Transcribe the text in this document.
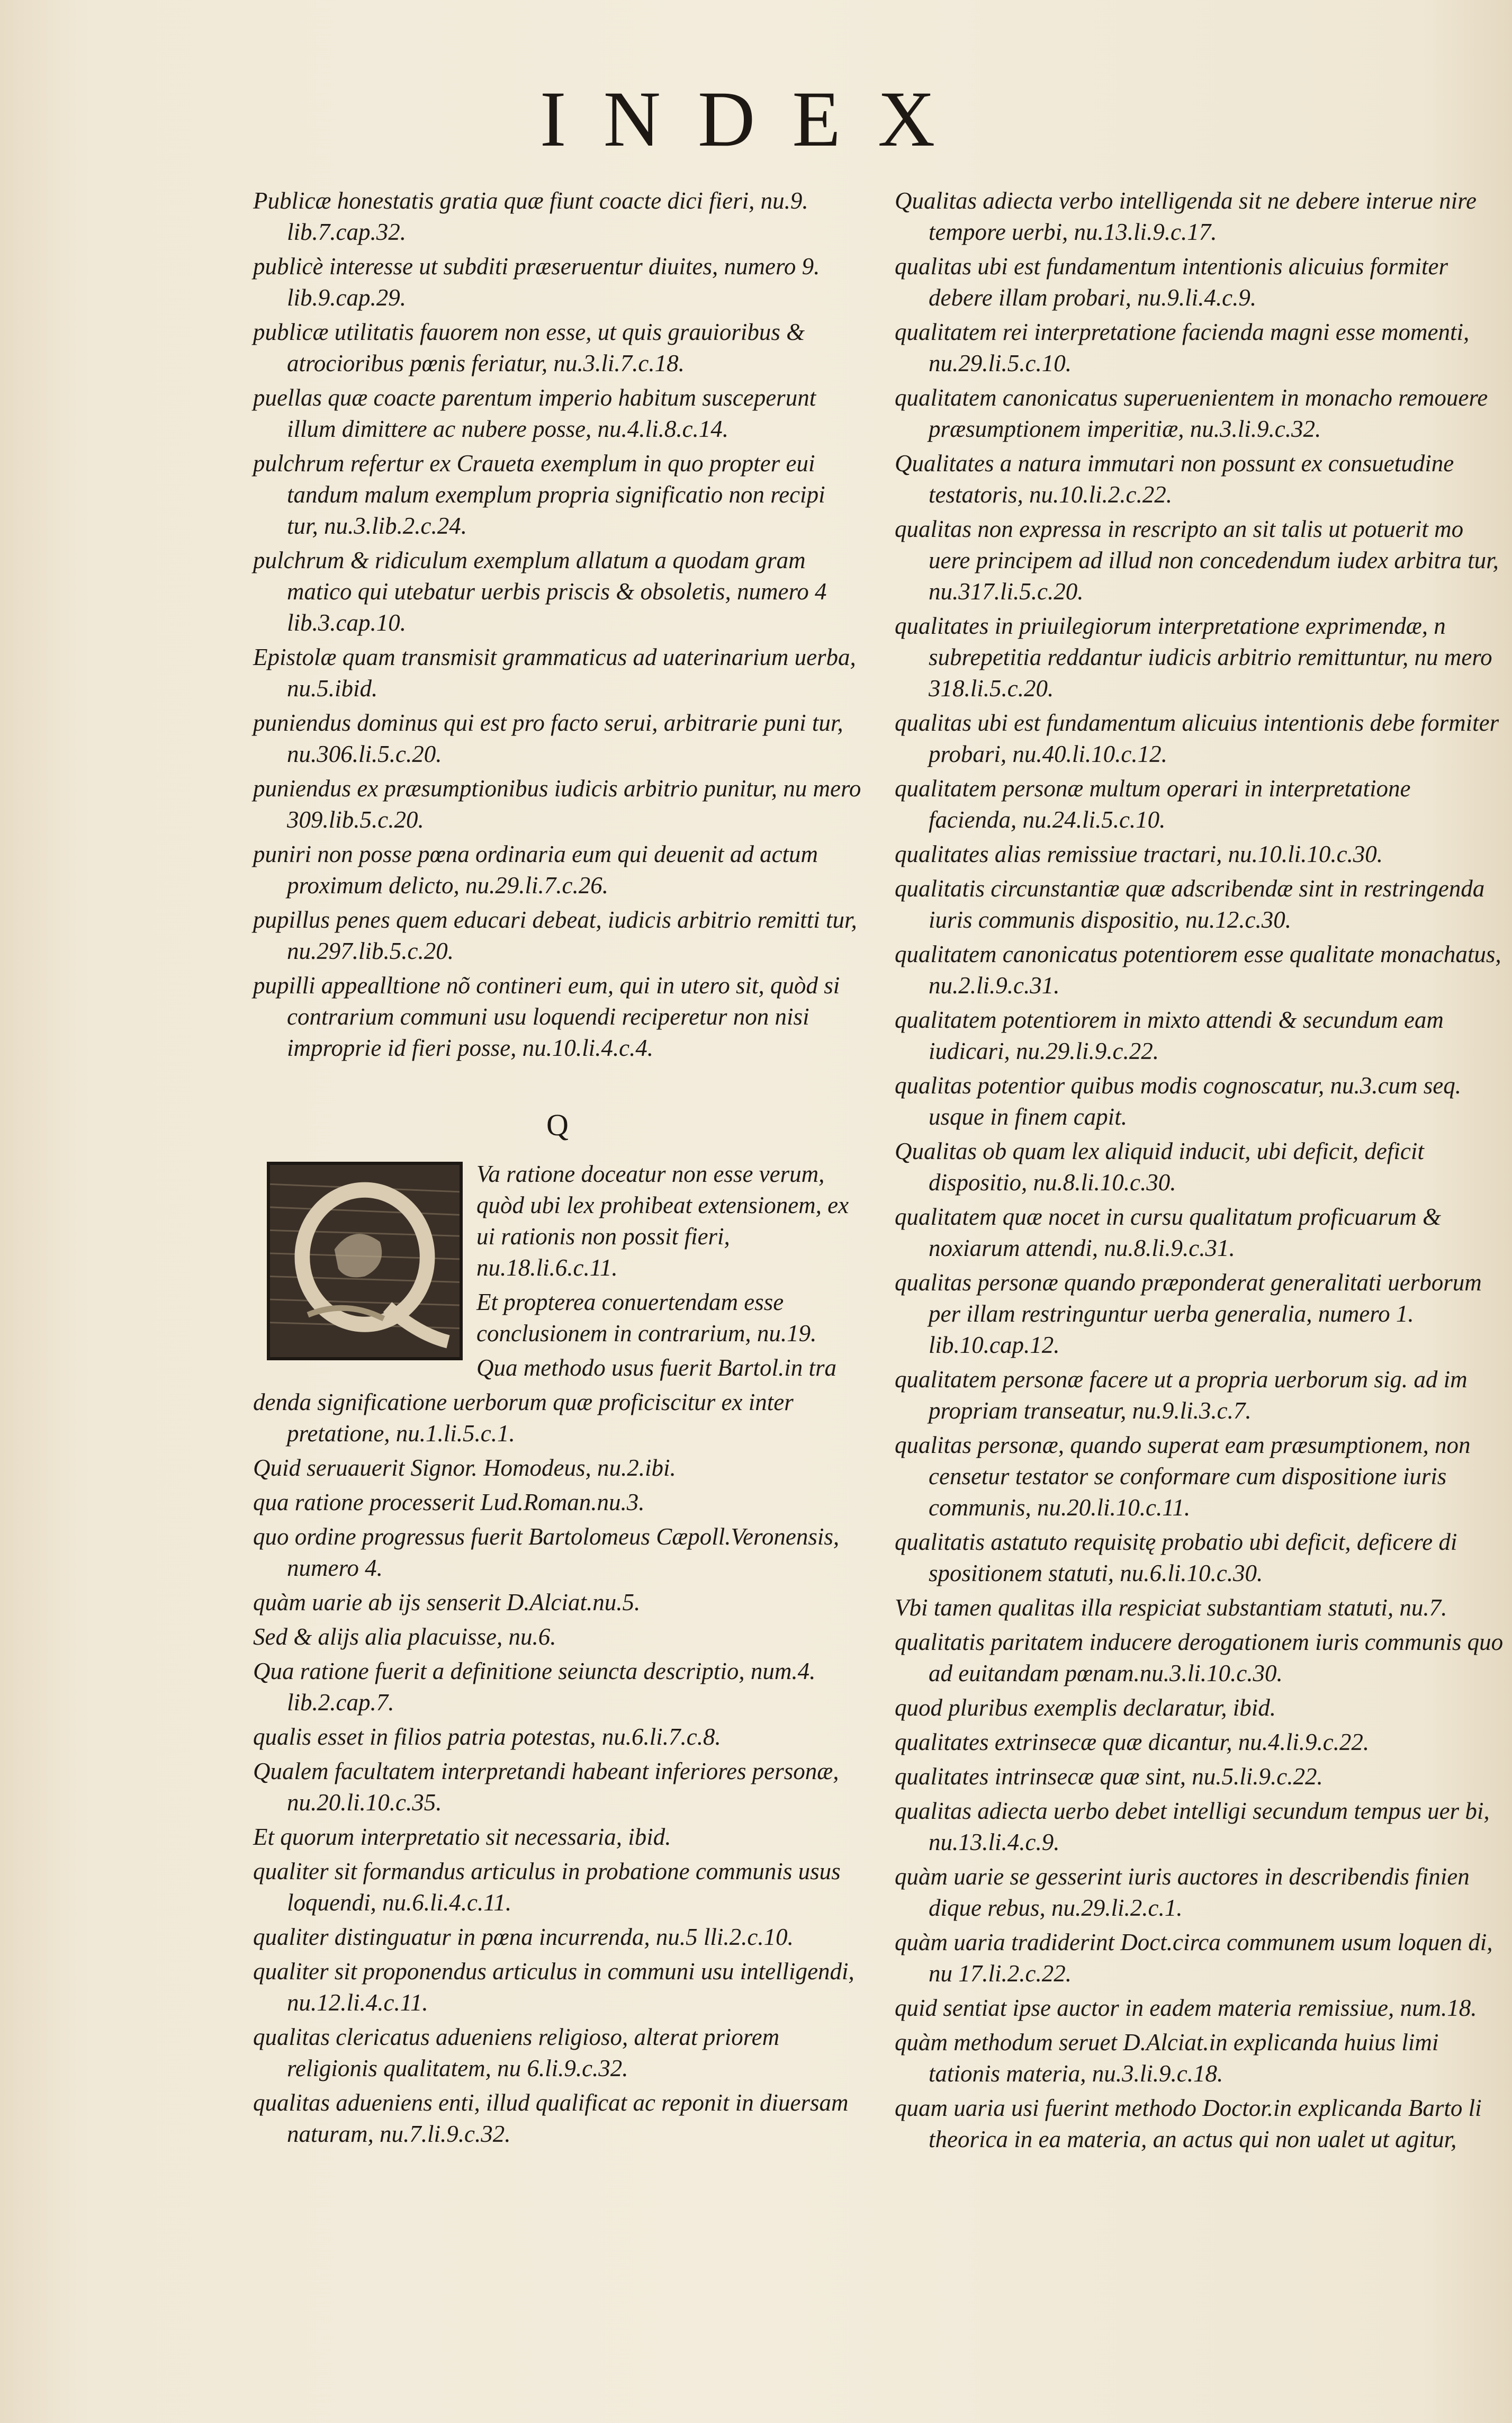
INDEX

Publicæ honestatis gratia quæ fiunt coacte dici fieri, nu.9. lib.7.cap.32.

publicè interesse ut subditi præseruentur diuites, numero 9. lib.9.cap.29.

publicæ utilitatis fauorem non esse, ut quis grauioribus & atrocioribus pœnis feriatur, nu.3.li.7.c.18.

puellas quæ coacte parentum imperio habitum susceperunt illum dimittere ac nubere posse, nu.4.li.8.c.14.

pulchrum refertur ex Craueta exemplum in quo propter eui tandum malum exemplum propria significatio non recipi tur, nu.3.lib.2.c.24.

pulchrum & ridiculum exemplum allatum a quodam gram matico qui utebatur uerbis priscis & obsoletis, numero 4 lib.3.cap.10.

Epistolæ quam transmisit grammaticus ad uaterinarium uerba, nu.5.ibid.

puniendus dominus qui est pro facto serui, arbitrarie puni tur, nu.306.li.5.c.20.

puniendus ex præsumptionibus iudicis arbitrio punitur, nu mero 309.lib.5.c.20.

puniri non posse pœna ordinaria eum qui deuenit ad actum proximum delicto, nu.29.li.7.c.26.

pupillus penes quem educari debeat, iudicis arbitrio remitti tur, nu.297.lib.5.c.20.

pupilli appealltione nõ contineri eum, qui in utero sit, quòd si contrarium communi usu loquendi reciperetur non nisi improprie id fieri posse, nu.10.li.4.c.4.

Q

Va ratione doceatur non esse verum, quòd ubi lex prohibeat extensionem, ex ui rationis non possit fieri, nu.18.li.6.c.11.

Et propterea conuertendam esse conclusionem in contrarium, nu.19.

Qua methodo usus fuerit Bartol.in tra

denda significatione uerborum quæ proficiscitur ex inter pretatione, nu.1.li.5.c.1.

Quid seruauerit Signor. Homodeus, nu.2.ibi.

qua ratione processerit Lud.Roman.nu.3.

quo ordine progressus fuerit Bartolomeus Cæpoll.Veronensis, numero 4.

quàm uarie ab ijs senserit D.Alciat.nu.5.

Sed & alijs alia placuisse, nu.6.

Qua ratione fuerit a definitione seiuncta descriptio, num.4. lib.2.cap.7.

qualis esset in filios patria potestas, nu.6.li.7.c.8.

Qualem facultatem interpretandi habeant inferiores personæ, nu.20.li.10.c.35.

Et quorum interpretatio sit necessaria, ibid.

qualiter sit formandus articulus in probatione communis usus loquendi, nu.6.li.4.c.11.

qualiter distinguatur in pœna incurrenda, nu.5 lli.2.c.10.

qualiter sit proponendus articulus in communi usu intelligendi, nu.12.li.4.c.11.

qualitas clericatus adueniens religioso, alterat priorem religionis qualitatem, nu 6.li.9.c.32.

qualitas adueniens enti, illud qualificat ac reponit in diuersam naturam, nu.7.li.9.c.32.

Qualitas adiecta verbo intelligenda sit ne debere interue nire tempore uerbi, nu.13.li.9.c.17.

qualitas ubi est fundamentum intentionis alicuius formiter debere illam probari, nu.9.li.4.c.9.

qualitatem rei interpretatione facienda magni esse momenti, nu.29.li.5.c.10.

qualitatem canonicatus superuenientem in monacho remouere præsumptionem imperitiæ, nu.3.li.9.c.32.

Qualitates a natura immutari non possunt ex consuetudine testatoris, nu.10.li.2.c.22.

qualitas non expressa in rescripto an sit talis ut potuerit mo uere principem ad illud non concedendum iudex arbitra tur, nu.317.li.5.c.20.

qualitates in priuilegiorum interpretatione exprimendæ, n subrepetitia reddantur iudicis arbitrio remittuntur, nu mero 318.li.5.c.20.

qualitas ubi est fundamentum alicuius intentionis debe formiter probari, nu.40.li.10.c.12.

qualitatem personæ multum operari in interpretatione facienda, nu.24.li.5.c.10.

qualitates alias remissiue tractari, nu.10.li.10.c.30.

qualitatis circunstantiæ quæ adscribendæ sint in restringenda iuris communis dispositio, nu.12.c.30.

qualitatem canonicatus potentiorem esse qualitate monachatus, nu.2.li.9.c.31.

qualitatem potentiorem in mixto attendi & secundum eam iudicari, nu.29.li.9.c.22.

qualitas potentior quibus modis cognoscatur, nu.3.cum seq. usque in finem capit.

Qualitas ob quam lex aliquid inducit, ubi deficit, deficit dispositio, nu.8.li.10.c.30.

qualitatem quæ nocet in cursu qualitatum proficuarum & noxiarum attendi, nu.8.li.9.c.31.

qualitas personæ quando præponderat generalitati uerborum per illam restringuntur uerba generalia, numero 1. lib.10.cap.12.

qualitatem personæ facere ut a propria uerborum sig. ad im propriam transeatur, nu.9.li.3.c.7.

qualitas personæ, quando superat eam præsumptionem, non censetur testator se conformare cum dispositione iuris communis, nu.20.li.10.c.11.

qualitatis astatuto requisitę probatio ubi deficit, deficere di spositionem statuti, nu.6.li.10.c.30.

Vbi tamen qualitas illa respiciat substantiam statuti, nu.7.

qualitatis paritatem inducere derogationem iuris communis quo ad euitandam pœnam.nu.3.li.10.c.30.

quod pluribus exemplis declaratur, ibid.

qualitates extrinsecæ quæ dicantur, nu.4.li.9.c.22.

qualitates intrinsecæ quæ sint, nu.5.li.9.c.22.

qualitas adiecta uerbo debet intelligi secundum tempus uer bi, nu.13.li.4.c.9.

quàm uarie se gesserint iuris auctores in describendis finien dique rebus, nu.29.li.2.c.1.

quàm uaria tradiderint Doct.circa communem usum loquen di, nu 17.li.2.c.22.

quid sentiat ipse auctor in eadem materia remissiue, num.18.

quàm methodum seruet D.Alciat.in explicanda huius limi tationis materia, nu.3.li.9.c.18.

quam uaria usi fuerint methodo Doctor.in explicanda Barto li theorica in ea materia, an actus qui non ualet ut agitur,
